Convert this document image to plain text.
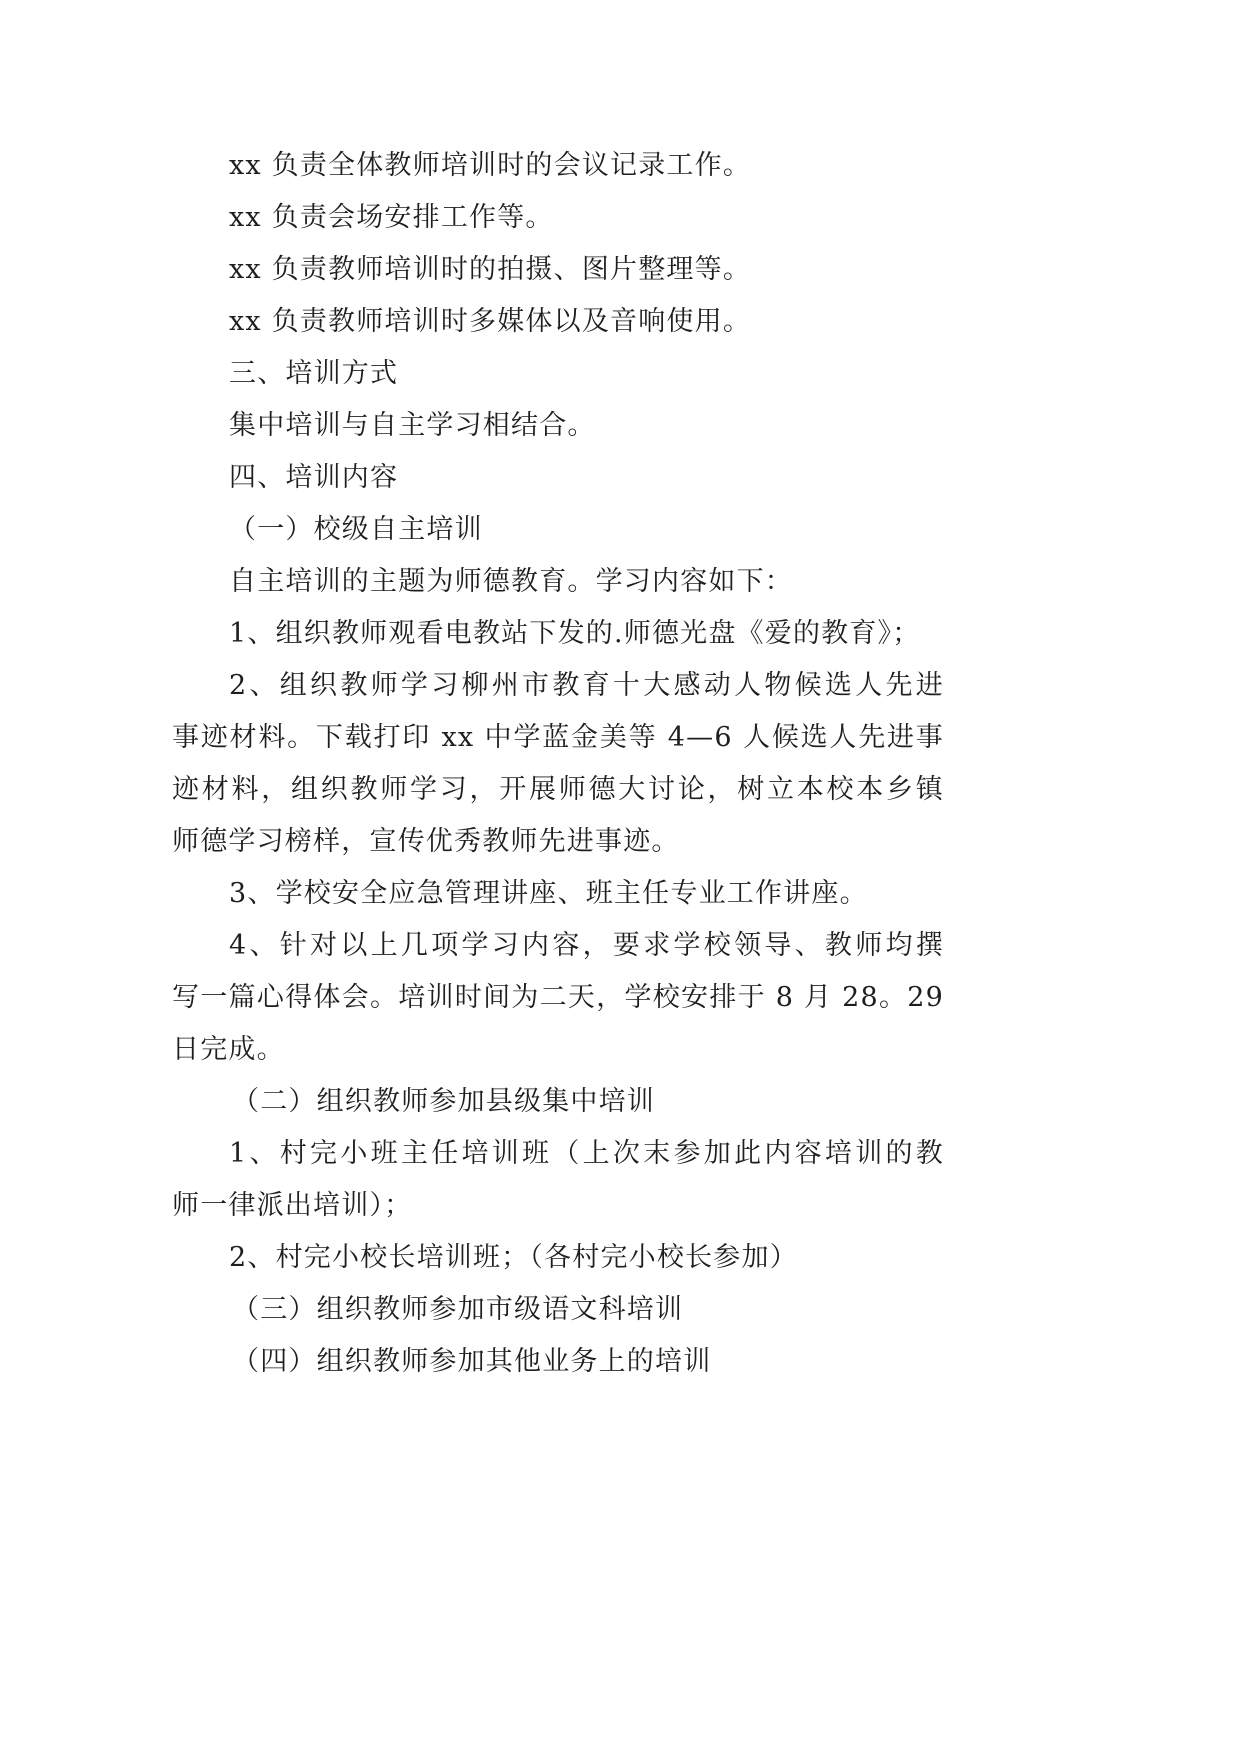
xx 负责全体教师培训时的会议记录工作。
xx 负责会场安排工作等。
xx 负责教师培训时的拍摄、图片整理等。
xx 负责教师培训时多媒体以及音响使用。
三、培训方式
集中培训与自主学习相结合。
四、培训内容
（一）校级自主培训
自主培训的主题为师德教育。学习内容如下：
1、组织教师观看电教站下发的.师德光盘《爱的教育》；
2、组织教师学习柳州市教育十大感动人物候选人先进
事迹材料。下载打印 xx 中学蓝金美等 4—6 人候选人先进事
迹材料，组织教师学习，开展师德大讨论，树立本校本乡镇
师德学习榜样，宣传优秀教师先进事迹。
3、学校安全应急管理讲座、班主任专业工作讲座。
4、针对以上几项学习内容，要求学校领导、教师均撰
写一篇心得体会。培训时间为二天，学校安排于 8 月 28。29
日完成。
（二）组织教师参加县级集中培训
1、村完小班主任培训班（上次末参加此内容培训的教
师一律派出培训）；
2、村完小校长培训班；（各村完小校长参加）
（三）组织教师参加市级语文科培训
（四）组织教师参加其他业务上的培训
